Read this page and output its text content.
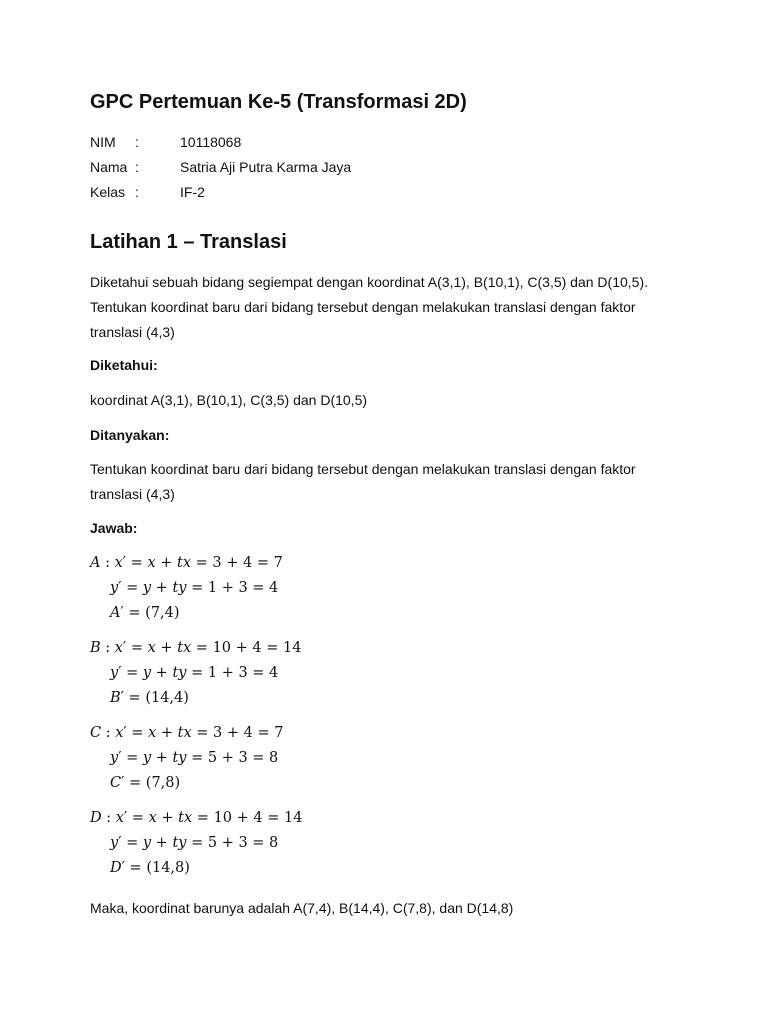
GPC Pertemuan Ke-5 (Transformasi 2D)
NIM :	10118068
Nama :	Satria Aji Putra Karma Jaya
Kelas :	IF-2
Latihan 1 – Translasi
Diketahui sebuah bidang segiempat dengan koordinat A(3,1), B(10,1), C(3,5) dan D(10,5).
Tentukan koordinat baru dari bidang tersebut dengan melakukan translasi dengan faktor
translasi (4,3)
Diketahui:
koordinat A(3,1), B(10,1), C(3,5) dan D(10,5)
Ditanyakan:
Tentukan koordinat baru dari bidang tersebut dengan melakukan translasi dengan faktor
translasi (4,3)
Jawab:
A : x′ = x + tx = 3 + 4 = 7
y′ = y + ty = 1 + 3 = 4
A′ = (7,4)
B : x′ = x + tx = 10 + 4 = 14
y′ = y + ty = 1 + 3 = 4
B′ = (14,4)
C : x′ = x + tx = 3 + 4 = 7
y′ = y + ty = 5 + 3 = 8
C′ = (7,8)
D : x′ = x + tx = 10 + 4 = 14
y′ = y + ty = 5 + 3 = 8
D′ = (14,8)
Maka, koordinat barunya adalah A(7,4), B(14,4), C(7,8), dan D(14,8)
